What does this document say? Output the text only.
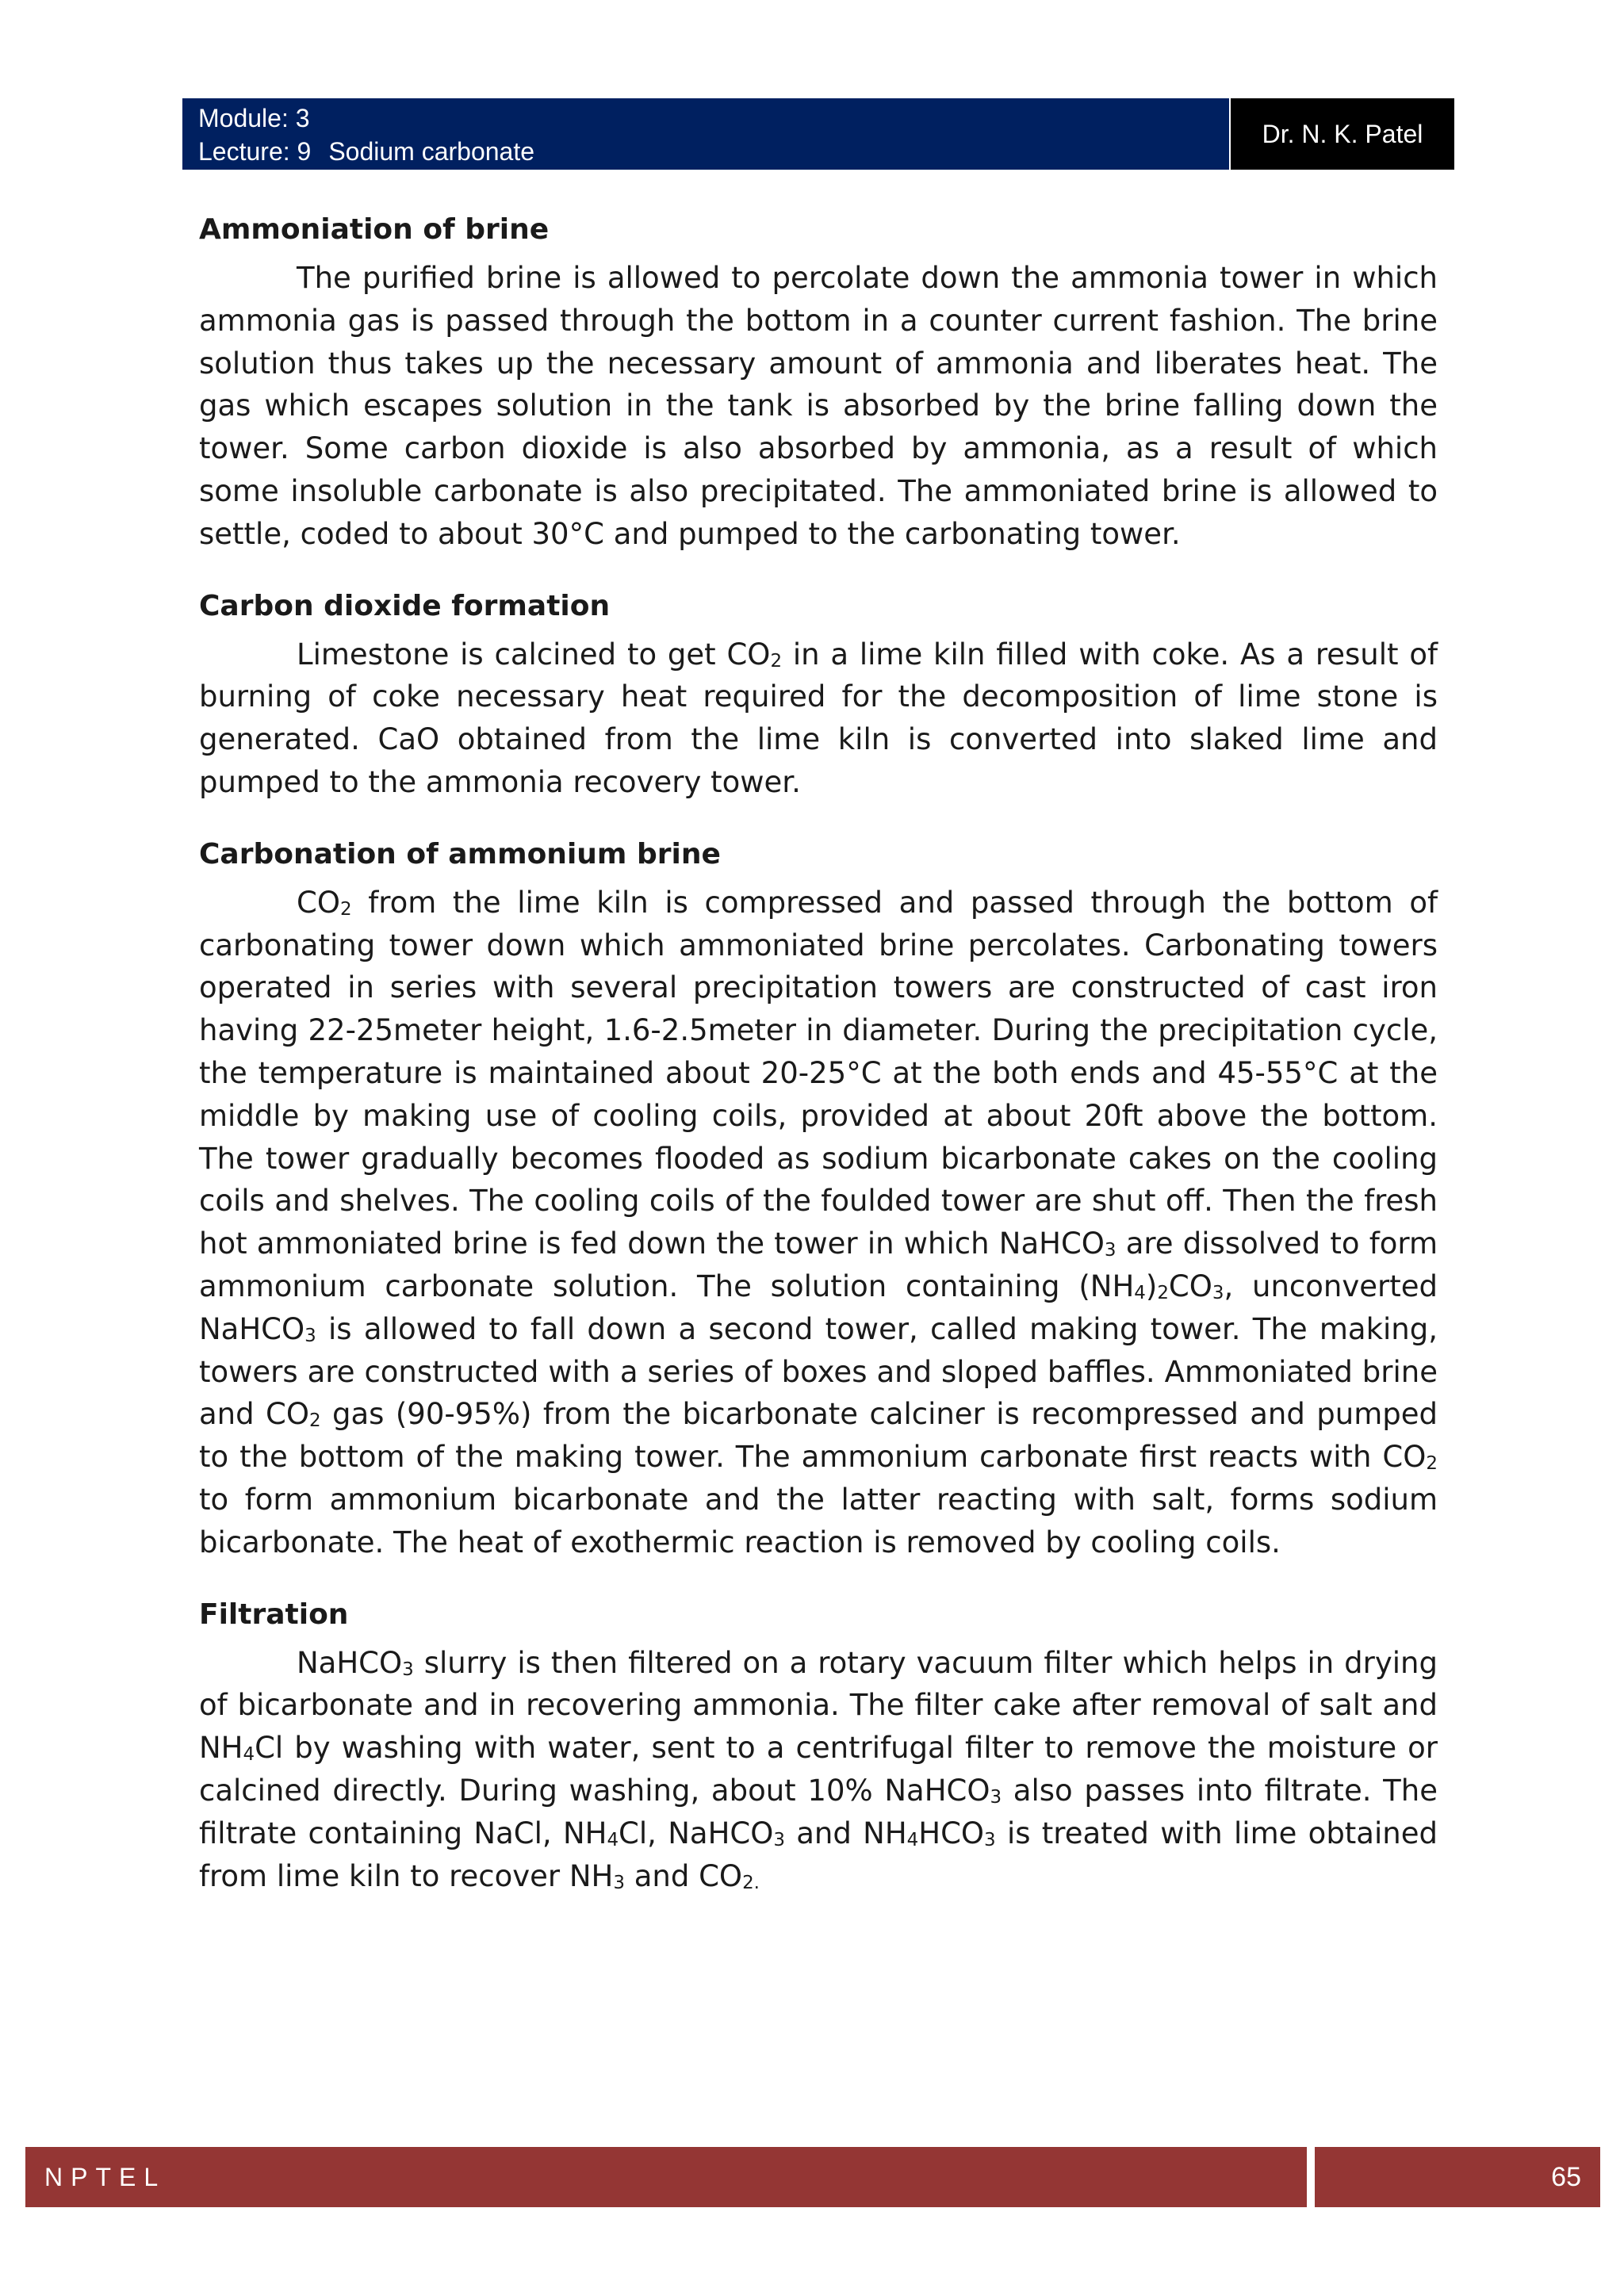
Module: 3
Lecture: 9 Sodium carbonate
Dr. N. K. Patel
Ammoniation of brine

The purified brine is allowed to percolate down the ammonia tower in which ammonia gas is passed through the bottom in a counter current fashion. The brine solution thus takes up the necessary amount of ammonia and liberates heat. The gas which escapes solution in the tank is absorbed by the brine falling down the tower. Some carbon dioxide is also absorbed by ammonia, as a result of which some insoluble carbonate is also precipitated. The ammoniated brine is allowed to settle, coded to about 30°C and pumped to the carbonating tower.

Carbon dioxide formation

Limestone is calcined to get $CO_2$ in a lime kiln filled with coke. As a result of burning of coke necessary heat required for the decomposition of lime stone is generated. CaO obtained from the lime kiln is converted into slaked lime and pumped to the ammonia recovery tower.

Carbonation of ammonium brine

$CO_2$ from the lime kiln is compressed and passed through the bottom of carbonating tower down which ammoniated brine percolates. Carbonating towers operated in series with several precipitation towers are constructed of cast iron having 22-25meter height, 1.6-2.5meter in diameter. During the precipitation cycle, the temperature is maintained about 20-25°C at the both ends and 45-55°C at the middle by making use of cooling coils, provided at about 20ft above the bottom. The tower gradually becomes flooded as sodium bicarbonate cakes on the cooling coils and shelves. The cooling coils of the foulded tower are shut off. Then the fresh hot ammoniated brine is fed down the tower in which NaHCO$_3$ are dissolved to form ammonium carbonate solution. The solution containing $(NH_4)_2CO_3$, unconverted NaHCO$_3$ is allowed to fall down a second tower, called making tower. The making, towers are constructed with a series of boxes and sloped baffles. Ammoniated brine and $CO_2$ gas (90-95%) from the bicarbonate calciner is recompressed and pumped to the bottom of the making tower. The ammonium carbonate first reacts with $CO_2$ to form ammonium bicarbonate and the latter reacting with salt, forms sodium bicarbonate. The heat of exothermic reaction is removed by cooling coils.

Filtration

NaHCO$_3$ slurry is then filtered on a rotary vacuum filter which helps in drying of bicarbonate and in recovering ammonia. The filter cake after removal of salt and $NH_4Cl$ by washing with water, sent to a centrifugal filter to remove the moisture or calcined directly. During washing, about 10% NaHCO$_3$ also passes into filtrate. The filtrate containing NaCl, $NH_4Cl$, NaHCO$_3$ and $NH_4HCO_3$ is treated with lime obtained from lime kiln to recover $NH_3$ and $CO_{2.}$

NPTEL	65
